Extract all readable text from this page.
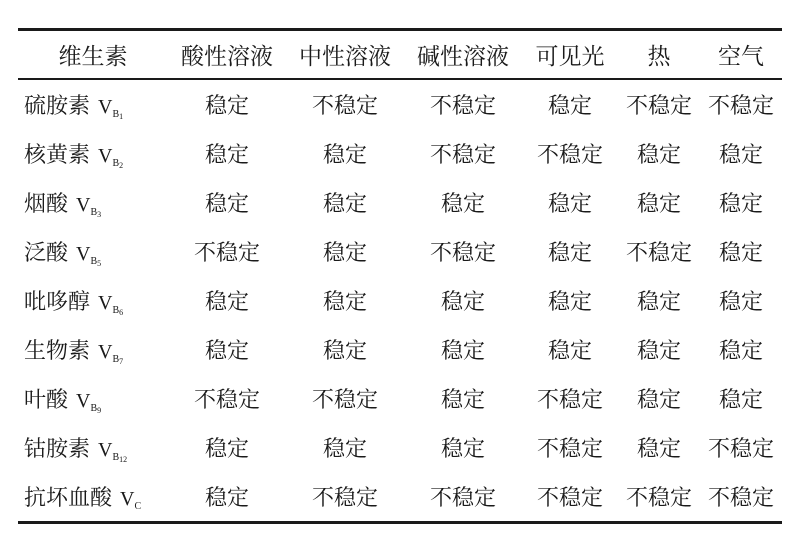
维生素	酸性溶液	中性溶液	碱性溶液	可见光	热	空气
硫胺素 $V_{B_1}$	稳定	不稳定	不稳定	稳定	不稳定	不稳定
核黄素 $V_{B_2}$	稳定	稳定	不稳定	不稳定	稳定	稳定
烟酸 $V_{B_3}$	稳定	稳定	稳定	稳定	稳定	稳定
泛酸 $V_{B_5}$	不稳定	稳定	不稳定	稳定	不稳定	稳定
吡哆醇 $V_{B_6}$	稳定	稳定	稳定	稳定	稳定	稳定
生物素 $V_{B_7}$	稳定	稳定	稳定	稳定	稳定	稳定
叶酸 $V_{B_9}$	不稳定	不稳定	稳定	不稳定	稳定	稳定
钴胺素 $V_{B_{12}}$	稳定	稳定	稳定	不稳定	稳定	不稳定
抗坏血酸 $V_C$	稳定	不稳定	不稳定	不稳定	不稳定	不稳定
